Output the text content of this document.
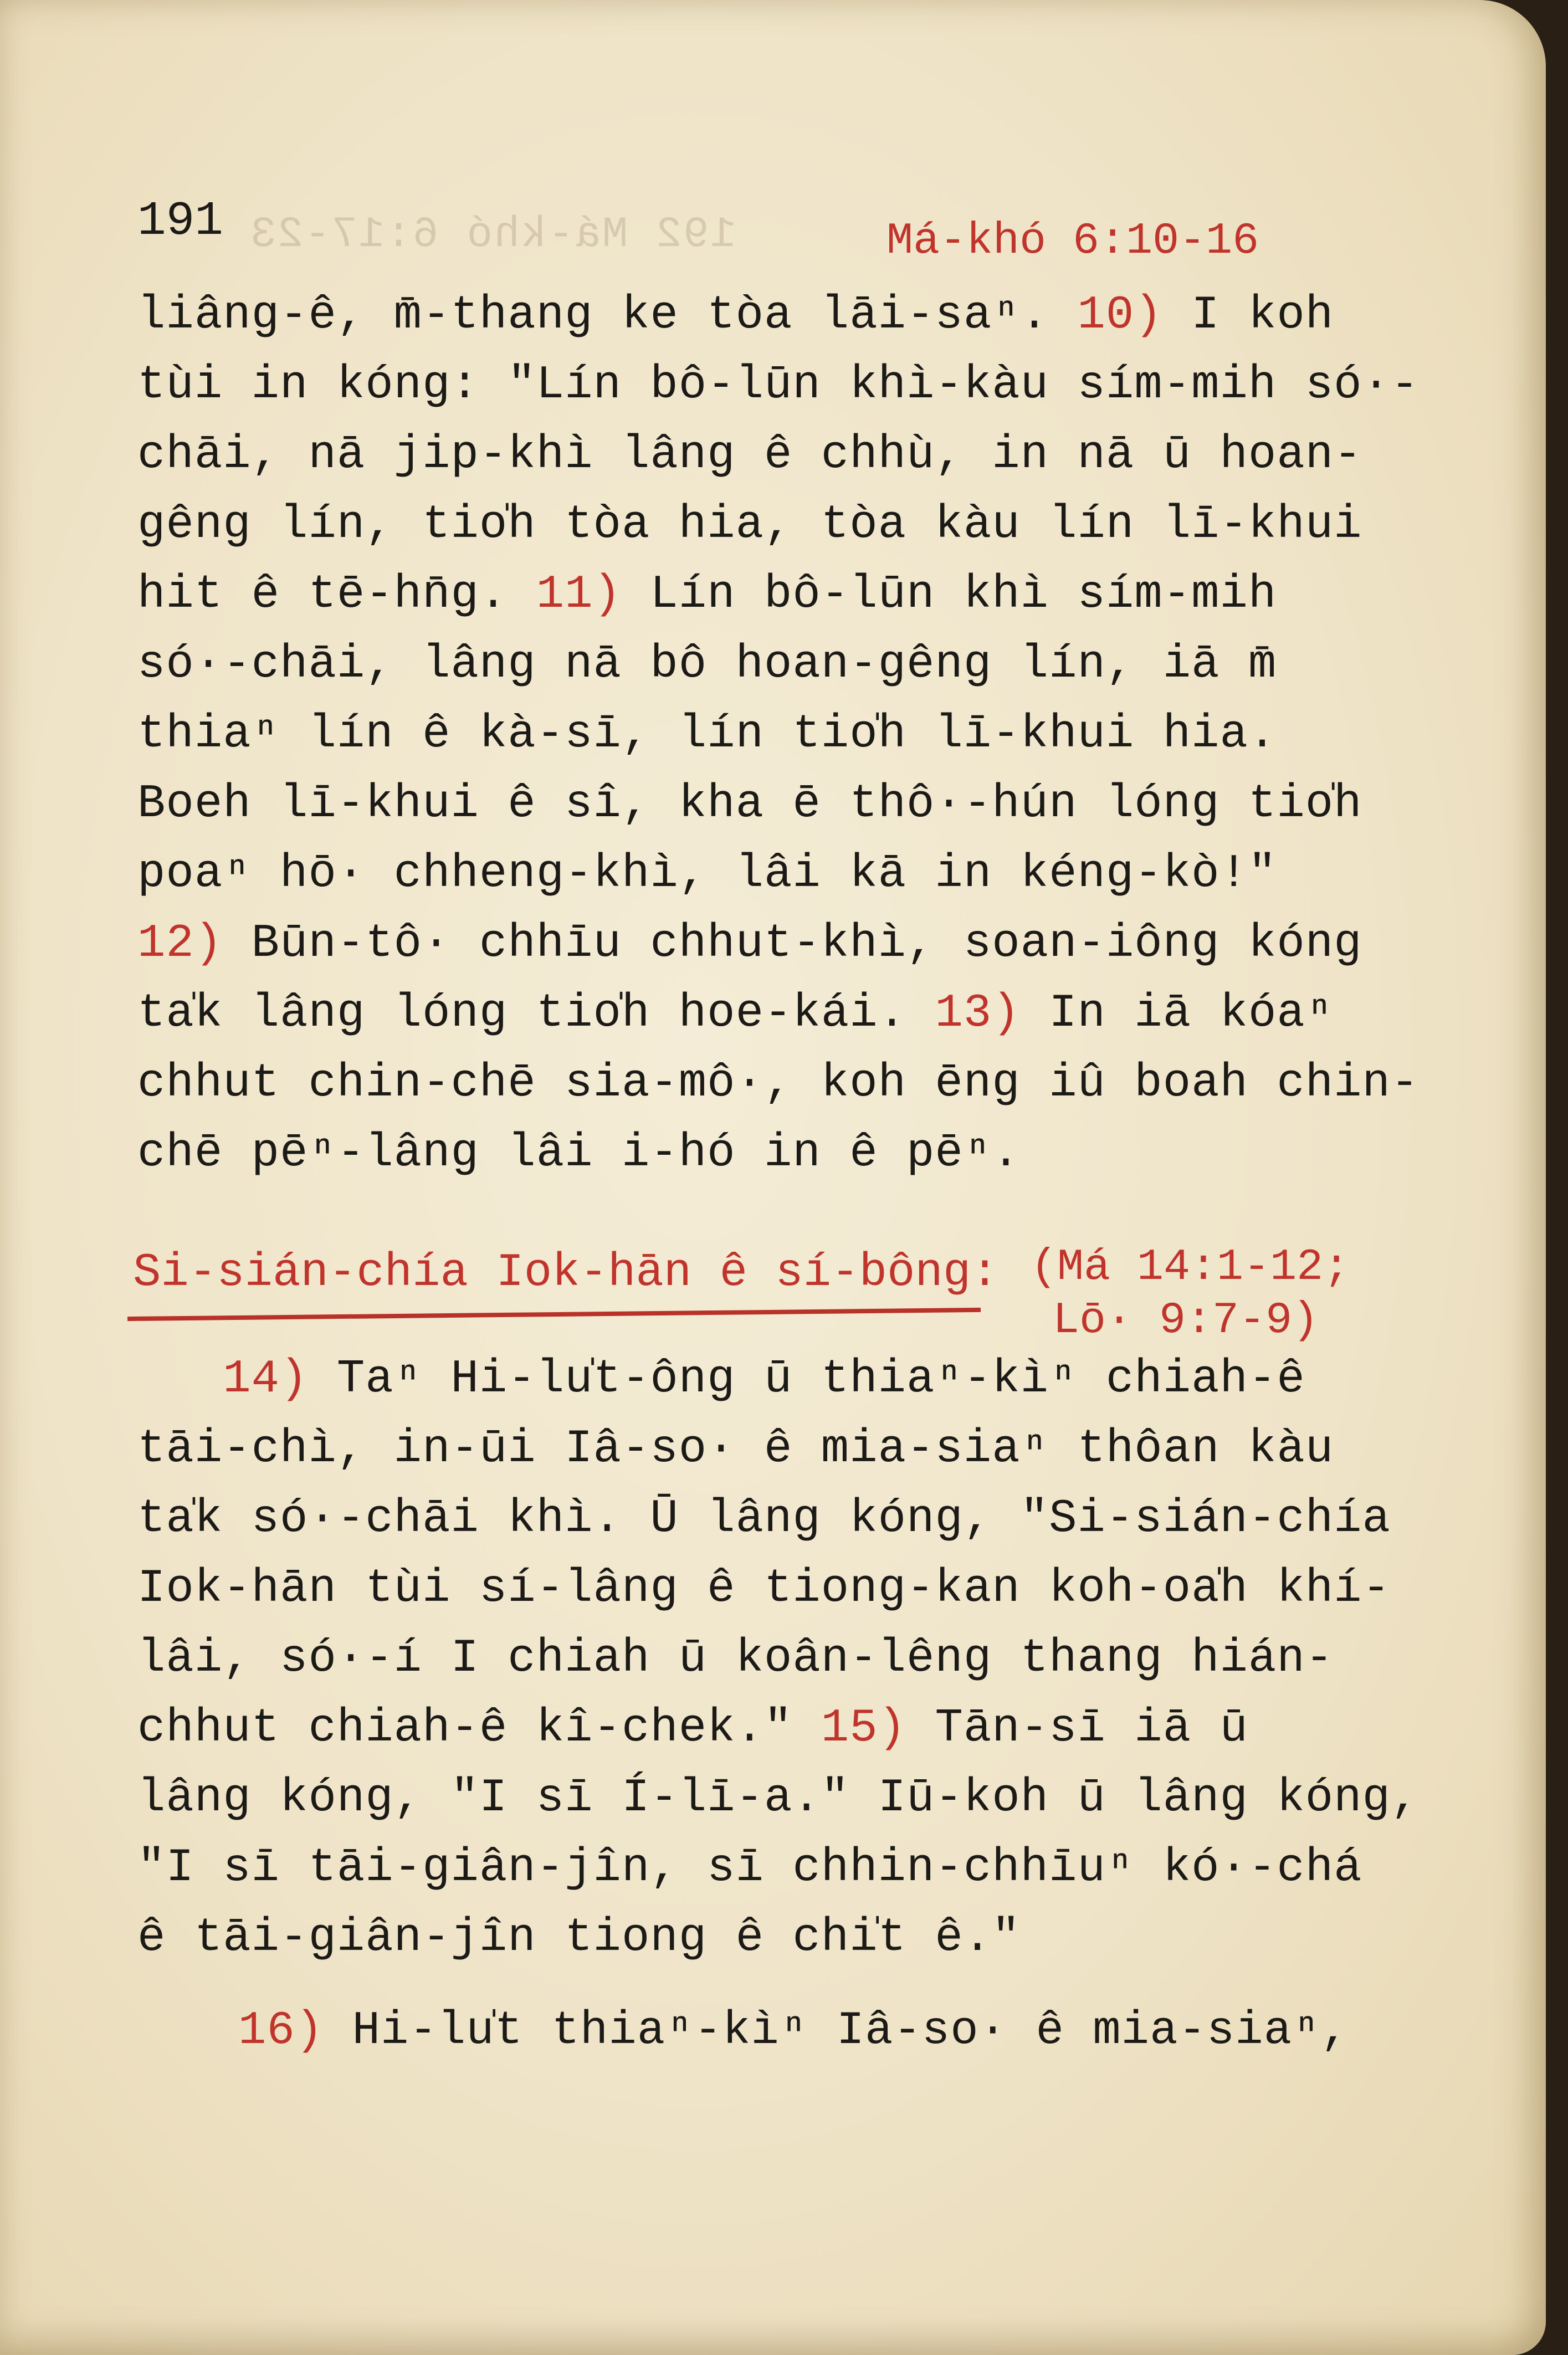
192 Má-khó 6:17-23
191	Má-khó 6:10-16
liâng-ê, m̄-thang ke tòa lāi-saⁿ. 10) I koh
tùi in kóng: "Lín bô-lūn khì-kàu sím-mih só·-
chāi, nā jip-khì lâng ê chhù, in nā ū hoan-
gêng lín, tio̍h tòa hia, tòa kàu lín lī-khui
hit ê tē-hn̄g. 11) Lín bô-lūn khì sím-mih
só·-chāi, lâng nā bô hoan-gêng lín, iā m̄
thiaⁿ lín ê kà-sī, lín tio̍h lī-khui hia.
Boeh lī-khui ê sî, kha ē thô·-hún lóng tio̍h
poaⁿ hō· chheng-khì, lâi kā in kéng-kò!"
12) Būn-tô· chhīu chhut-khì, soan-iông kóng
ta̍k lâng lóng tio̍h hoe-kái. 13) In iā kóaⁿ
chhut chin-chē sia-mô·, koh ēng iû boah chin-
chē pēⁿ-lâng lâi i-hó in ê pēⁿ.
Si-sián-chía Iok-hān ê sí-bông: (Má 14:1-12;
Lō· 9:7-9)
14) Taⁿ Hi-lu̍t-ông ū thiaⁿ-kìⁿ chiah-ê
tāi-chì, in-ūi Iâ-so· ê mia-siaⁿ thôan kàu
ta̍k só·-chāi khì. Ū lâng kóng, "Si-sián-chía
Iok-hān tùi sí-lâng ê tiong-kan koh-oa̍h khí-
lâi, só·-í I chiah ū koân-lêng thang hián-
chhut chiah-ê kî-chek." 15) Tān-sī iā ū
lâng kóng, "I sī Í-lī-a." Iū-koh ū lâng kóng,
"I sī tāi-giân-jîn, sī chhin-chhīuⁿ kó·-chá
ê tāi-giân-jîn tiong ê chi̍t ê."
16) Hi-lu̍t thiaⁿ-kìⁿ Iâ-so· ê mia-siaⁿ,
